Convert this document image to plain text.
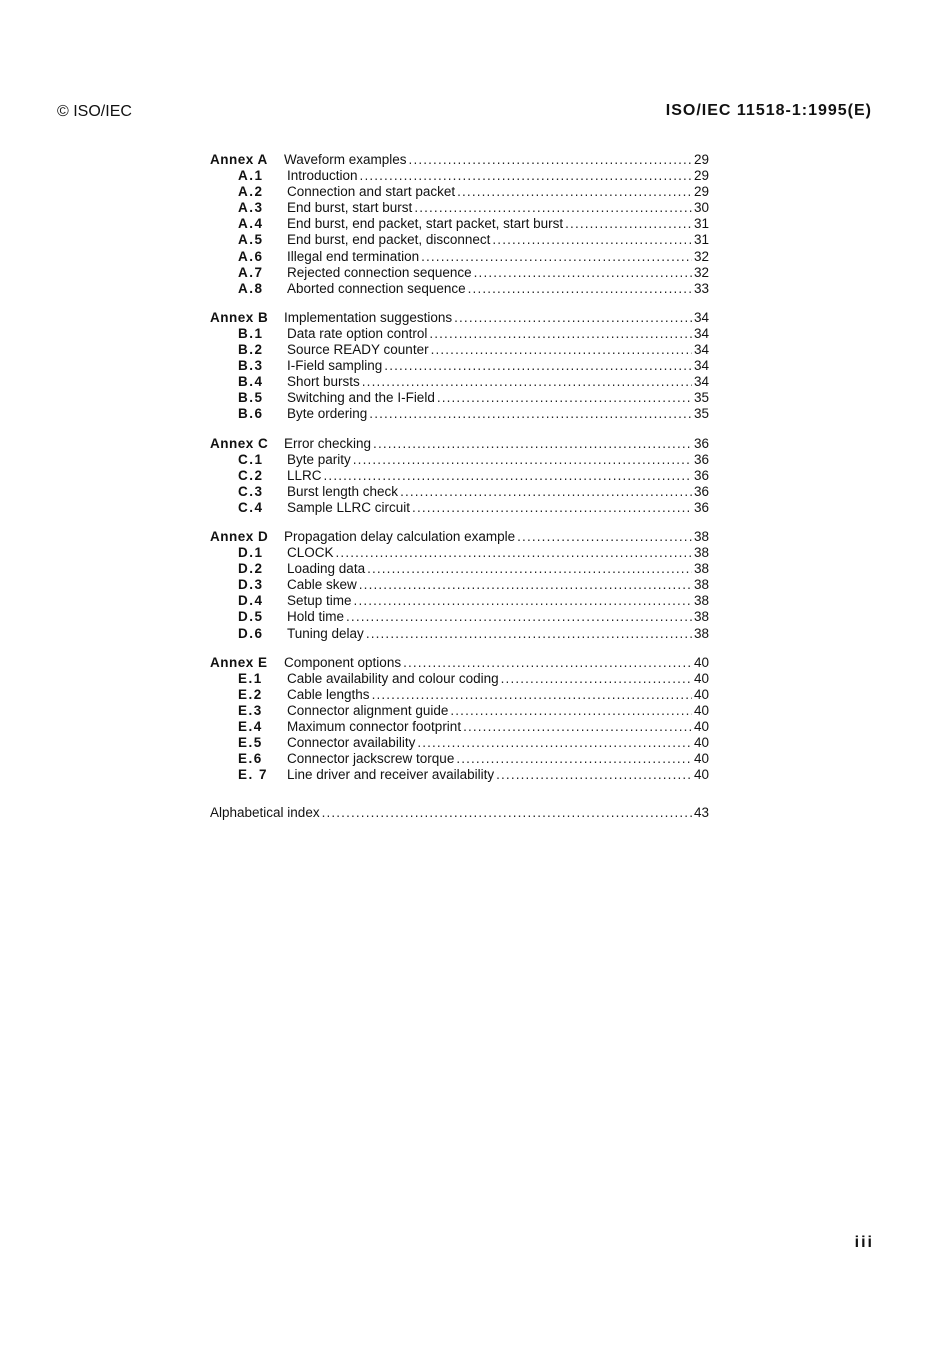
© ISO/IEC	ISO/IEC 11518-1:1995(E)
Annex A	Waveform examples . . .	29
A.1	Introduction . . .	29
A.2	Connection and start packet . . .	29
A.3	End burst, start burst . . .	30
A.4	End burst, end packet, start packet, start burst . . .	31
A.5	End burst, end packet, disconnect . . .	31
A.6	Illegal end termination . . .	32
A.7	Rejected connection sequence . . .	32
A.8	Aborted connection sequence . . .	33
Annex B	Implementation suggestions . . .	34
B.1	Data rate option control . . .	34
B.2	Source READY counter . . .	34
B.3	I-Field sampling . . .	34
B.4	Short bursts . . .	34
B.5	Switching and the I-Field . . .	35
B.6	Byte ordering . . .	35
Annex C	Error checking . . .	36
C.1	Byte parity . . .	36
C.2	LLRC . . .	36
C.3	Burst length check . . .	36
C.4	Sample LLRC circuit . . .	36
Annex D	Propagation delay calculation example . . .	38
D.1	CLOCK . . .	38
D.2	Loading data . . .	38
D.3	Cable skew . . .	38
D.4	Setup time . . .	38
D.5	Hold time . . .	38
D.6	Tuning delay . . .	38
Annex E	Component options . . .	40
E.1	Cable availability and colour coding . . .	40
E.2	Cable lengths . . .	40
E.3	Connector alignment guide . . .	40
E.4	Maximum connector footprint . . .	40
E.5	Connector availability . . .	40
E.6	Connector jackscrew torque . . .	40
E. 7	Line driver and receiver availability . . .	40
Alphabetical index . . .	43
iii
